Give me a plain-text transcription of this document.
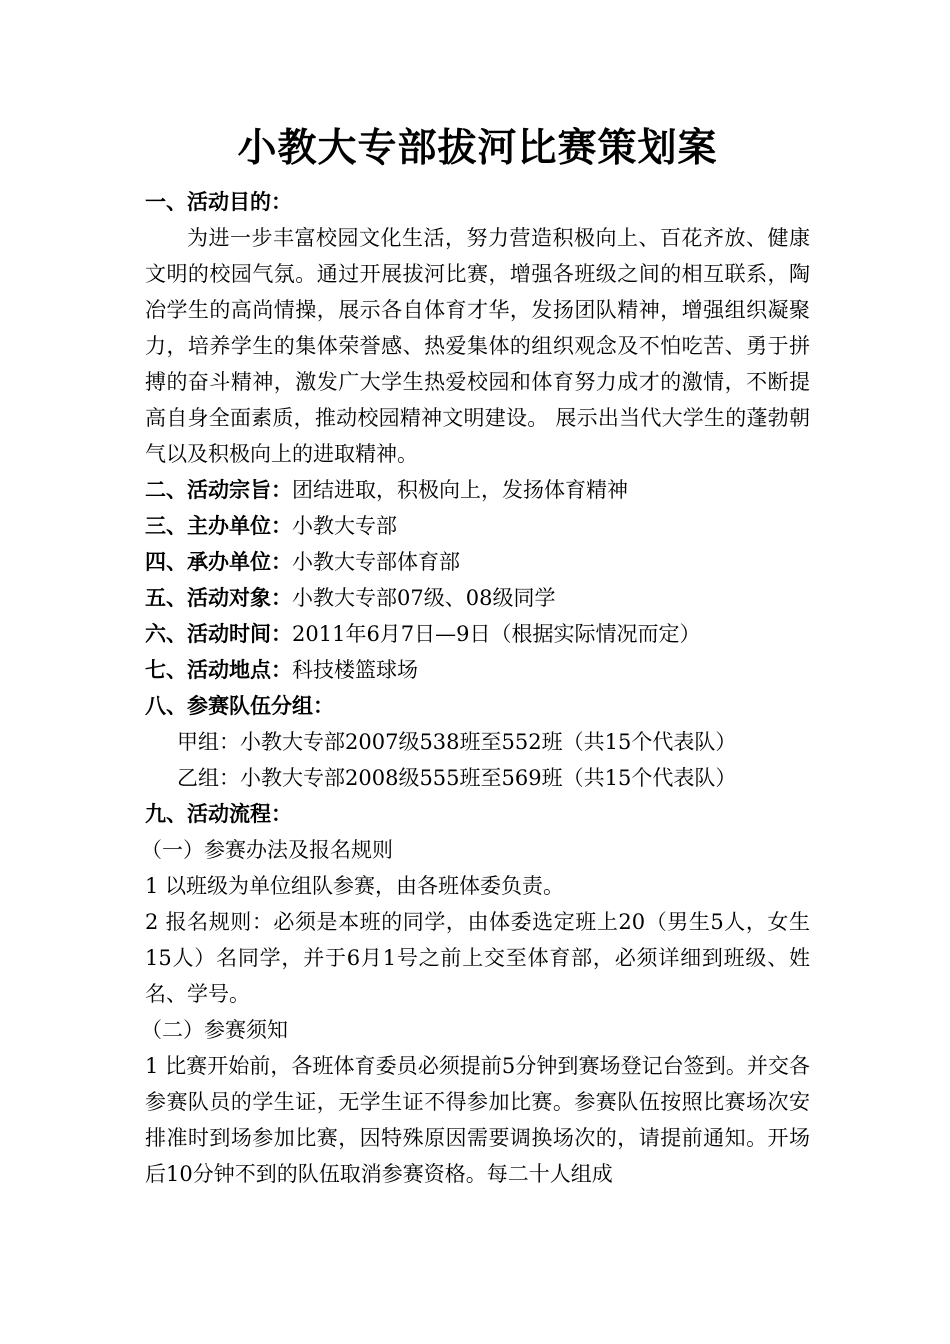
小教大专部拔河比赛策划案

一、活动目的：

为进一步丰富校园文化生活，努力营造积极向上、百花齐放、健康文明的校园气氛。通过开展拔河比赛，增强各班级之间的相互联系，陶冶学生的高尚情操，展示各自体育才华，发扬团队精神，增强组织凝聚力，培养学生的集体荣誉感、热爱集体的组织观念及不怕吃苦、勇于拼搏的奋斗精神，激发广大学生热爱校园和体育努力成才的激情，不断提高自身全面素质，推动校园精神文明建设。 展示出当代大学生的蓬勃朝气以及积极向上的进取精神。

二、活动宗旨：团结进取，积极向上，发扬体育精神

三、主办单位：小教大专部

四、承办单位：小教大专部体育部

五、活动对象：小教大专部07级、08级同学

六、活动时间：2011年6月7日—9日（根据实际情况而定）

七、活动地点：科技楼篮球场

八、参赛队伍分组：

甲组：小教大专部2007级538班至552班（共15个代表队）

乙组：小教大专部2008级555班至569班（共15个代表队）

九、活动流程：

（一）参赛办法及报名规则

1 以班级为单位组队参赛，由各班体委负责。

2 报名规则：必须是本班的同学，由体委选定班上20（男生5人，女生15人）名同学，并于6月1号之前上交至体育部，必须详细到班级、姓名、学号。

（二）参赛须知

1 比赛开始前，各班体育委员必须提前5分钟到赛场登记台签到。并交各参赛队员的学生证，无学生证不得参加比赛。参赛队伍按照比赛场次安排准时到场参加比赛，因特殊原因需要调换场次的，请提前通知。开场后10分钟不到的队伍取消参赛资格。每二十人组成
